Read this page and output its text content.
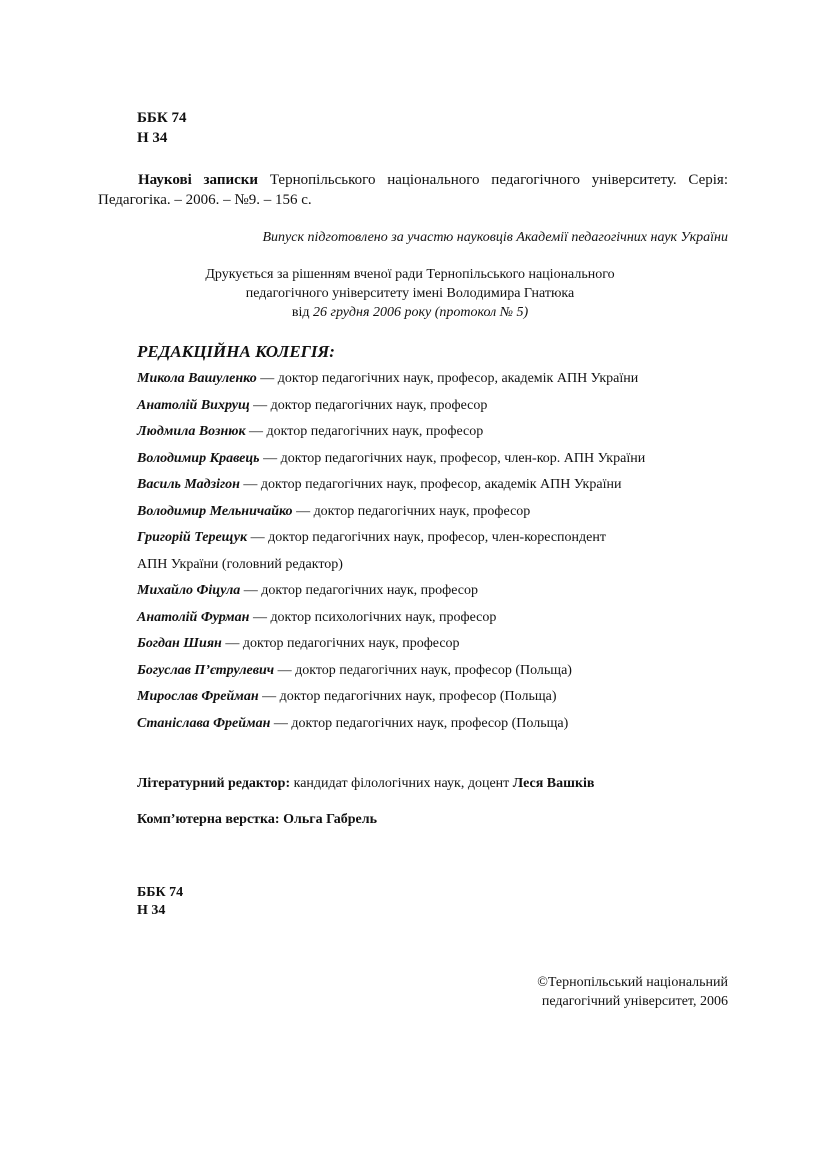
ББК 74
Н 34
Наукові записки Тернопільського національного педагогічного університету. Серія: Педагогіка. – 2006. – №9. – 156 с.
Випуск підготовлено за участю науковців Академії педагогічних наук України
Друкується за рішенням вченої ради Тернопільського національного
педагогічного університету імені Володимира Гнатюка
від 26 грудня 2006 року (протокол № 5)
РЕДАКЦІЙНА КОЛЕГІЯ:
Микола Вашуленко — доктор педагогічних наук, професор, академік АПН України
Анатолій Вихрущ — доктор педагогічних наук, професор
Людмила Вознюк — доктор педагогічних наук, професор
Володимир Кравець — доктор педагогічних наук, професор, член-кор. АПН України
Василь Мадзігон — доктор педагогічних наук, професор, академік АПН України
Володимир Мельничайко — доктор педагогічних наук, професор
Григорій Терещук — доктор педагогічних наук, професор, член-кореспондент
АПН України (головний редактор)
Михайло Фіцула — доктор педагогічних наук, професор
Анатолій Фурман — доктор психологічних наук, професор
Богдан Шиян — доктор педагогічних наук, професор
Богуслав П’єтрулевич — доктор педагогічних наук, професор (Польща)
Мирослав Фрейман — доктор педагогічних наук, професор (Польща)
Станіслава Фрейман — доктор педагогічних наук, професор (Польща)
Літературний редактор: кандидат філологічних наук, доцент Леся Вашків
Комп’ютерна верстка: Ольга Габрель
ББК 74
Н 34
©Тернопільський національний
педагогічний університет, 2006
